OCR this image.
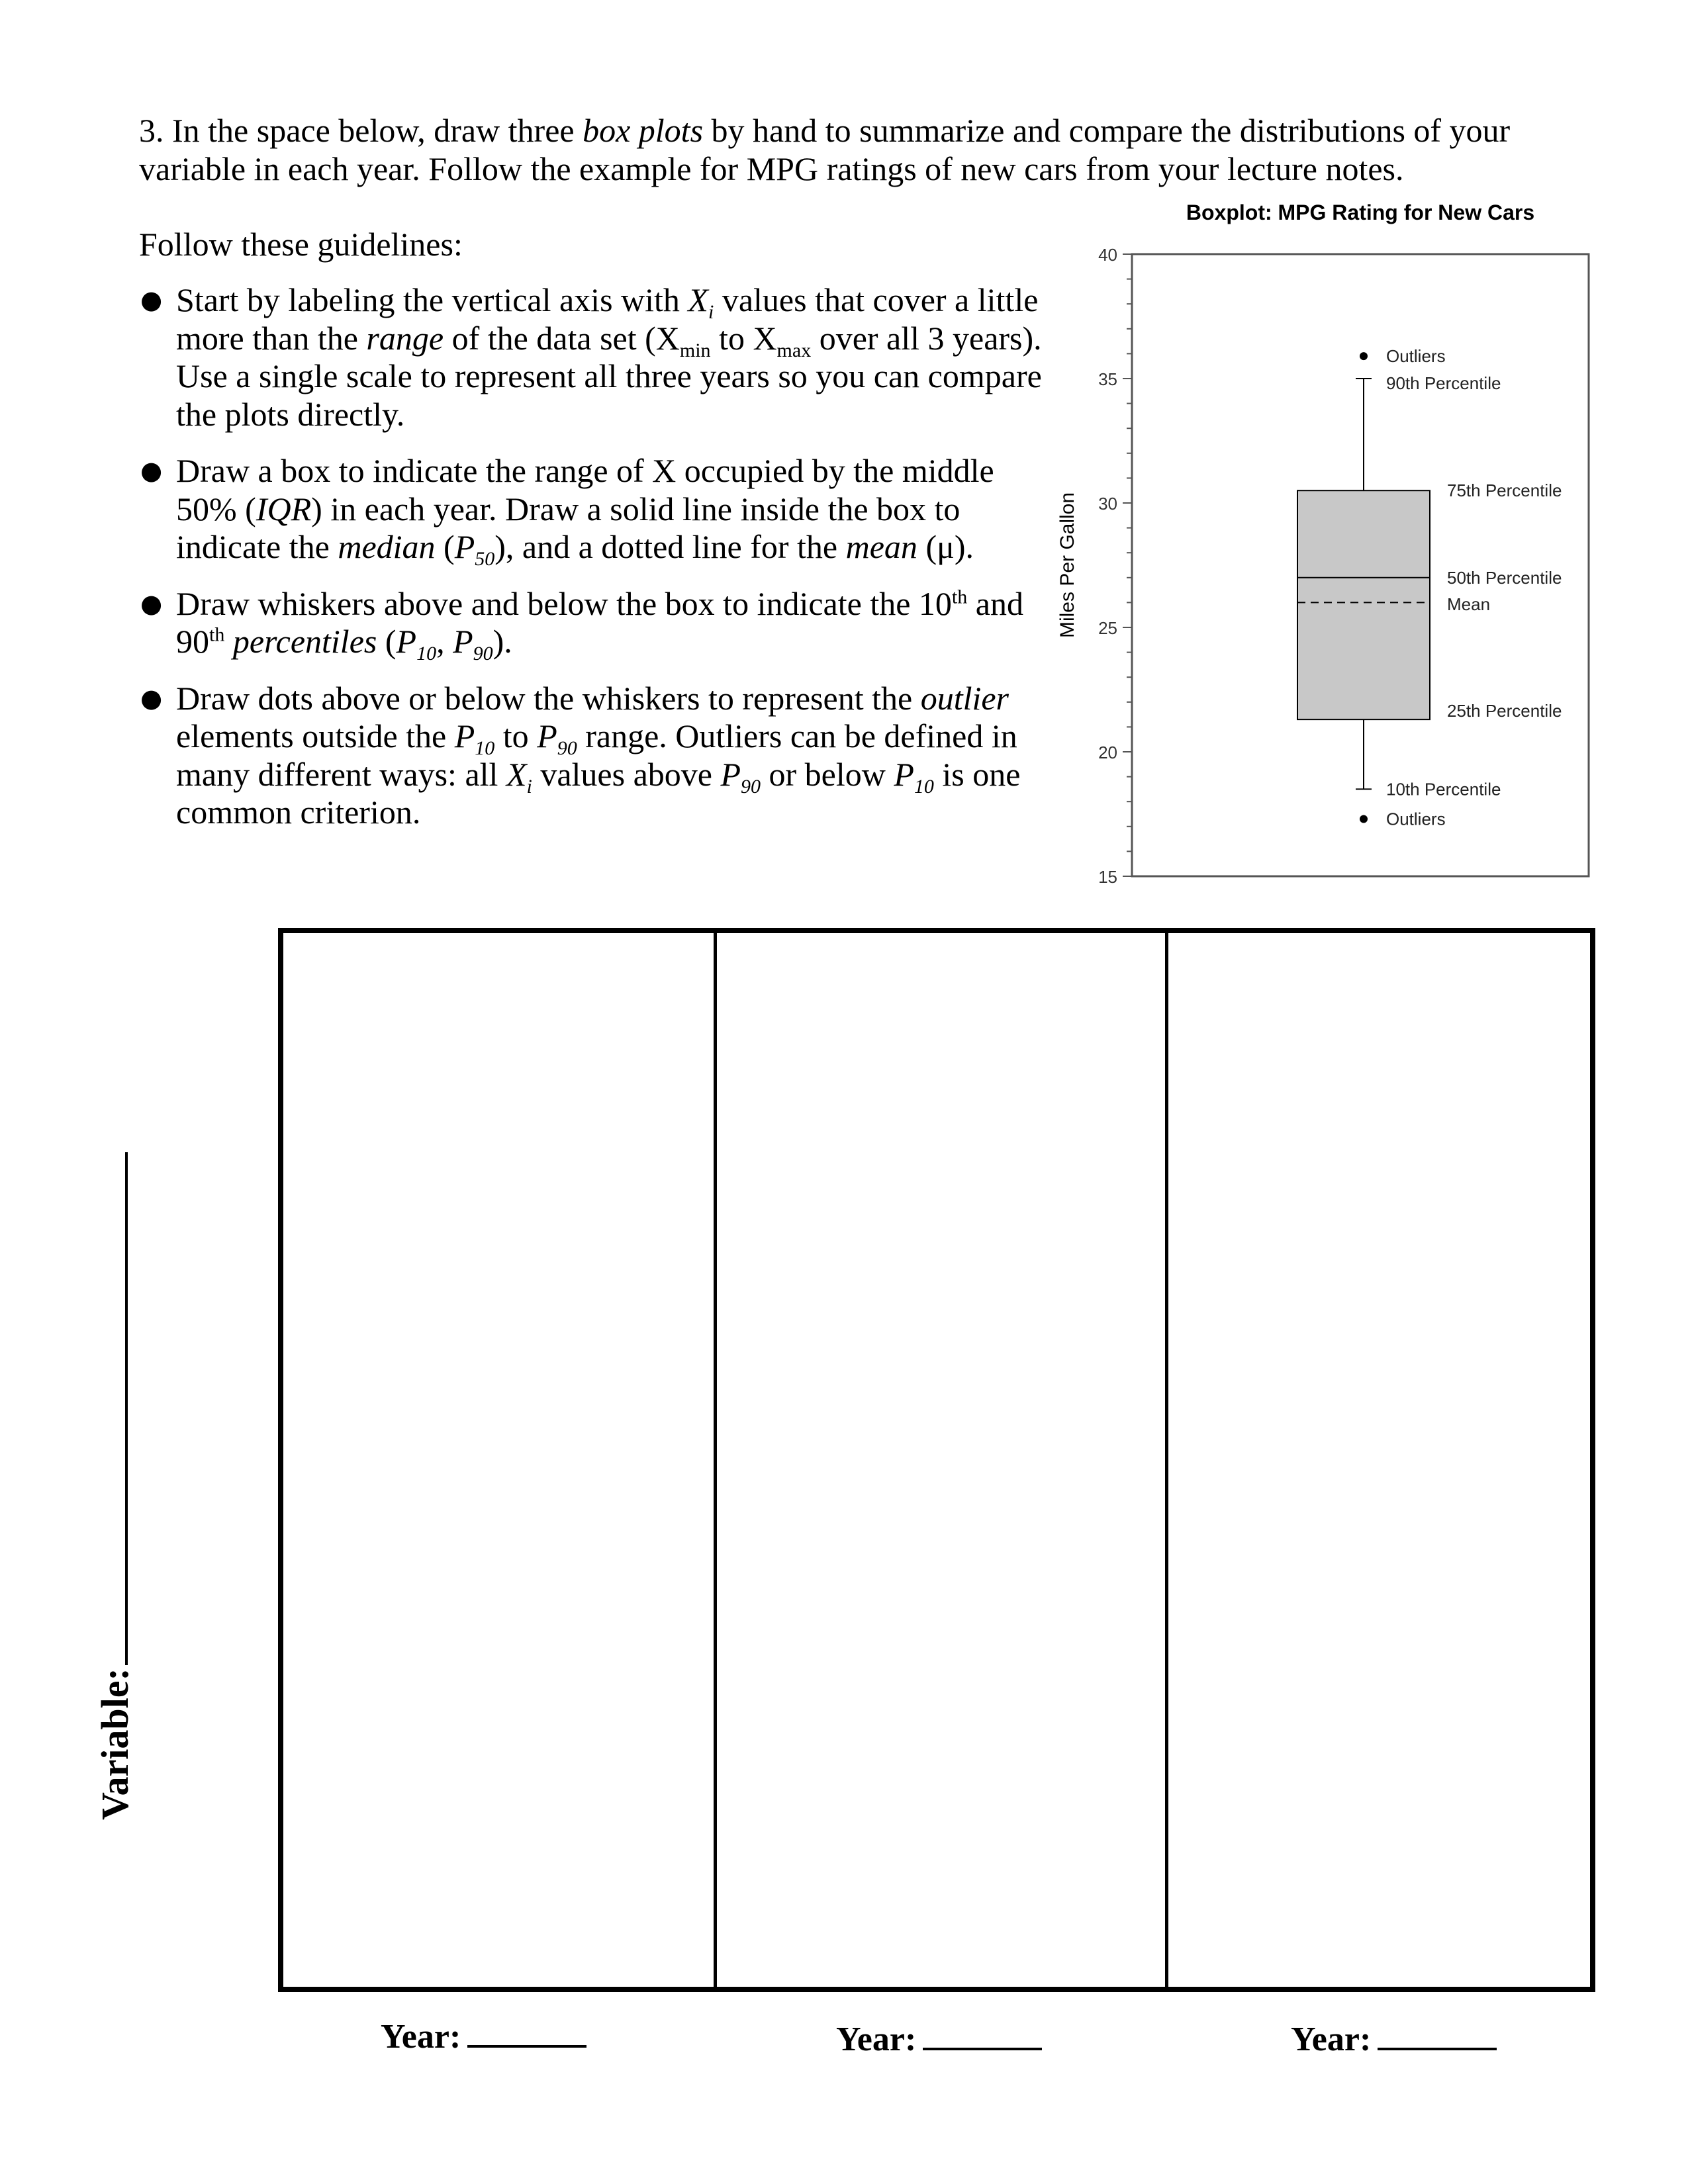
3. In the space below, draw three box plots by hand to summarize and compare the distributions of your variable in each year. Follow the example for MPG ratings of new cars from your lecture notes.
Follow these guidelines:
● Start by labeling the vertical axis with $X_i$ values that cover a little more than the range of the data set ($X_{min}$ to $X_{max}$ over all 3 years). Use a single scale to represent all three years so you can compare the plots directly.
● Draw a box to indicate the range of X occupied by the middle 50% (IQR) in each year. Draw a solid line inside the box to indicate the median $(P_{50})$, and a dotted line for the mean (μ).
● Draw whiskers above and below the box to indicate the 10th and 90th percentiles ($P_{10}$, $P_{90}$).
● Draw dots above or below the whiskers to represent the outlier elements outside the $P_{10}$ to $P_{90}$ range. Outliers can be defined in many different ways: all $X_i$ values above $P_{90}$ or below $P_{10}$ is one common criterion.
Boxplot: MPG Rating for New Cars
Miles Per Gallon
15
20
25
30
35
40
Outliers
90th Percentile
75th Percentile
50th Percentile
Mean
25th Percentile
10th Percentile
Outliers
Year:	Year:	Year:
Variable:
